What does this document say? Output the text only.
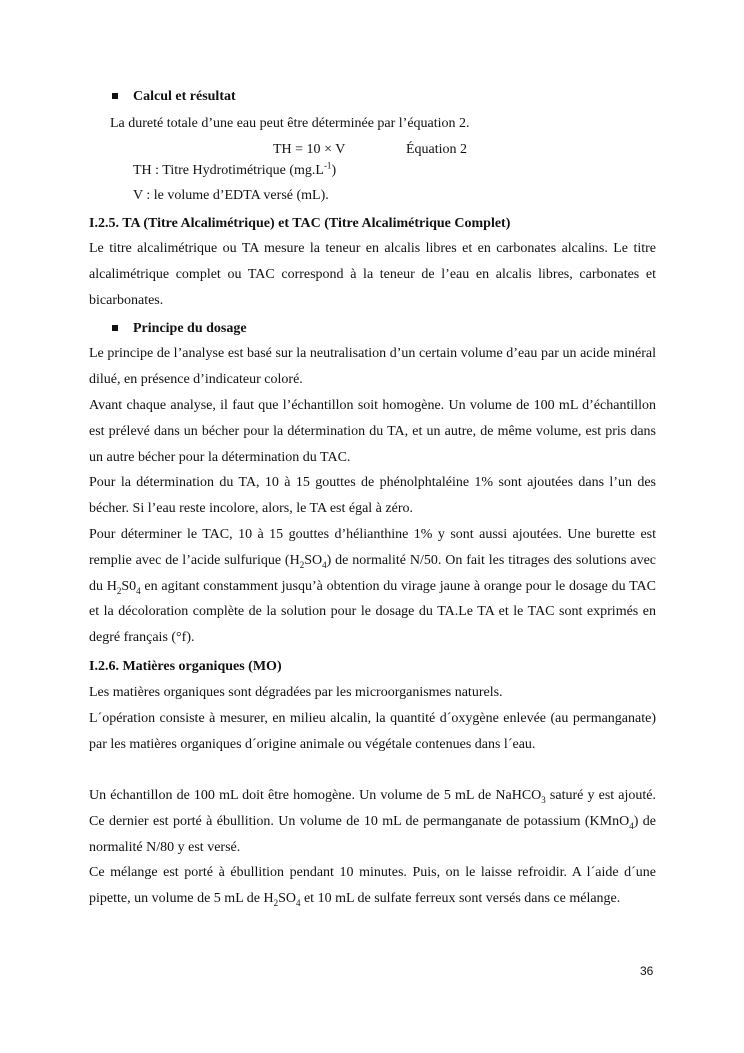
Calcul et résultat
La dureté totale d’une eau peut être déterminée par l’équation 2.
TH = 10 × V	Équation 2
TH : Titre Hydrotimétrique $(mg.L^{-1})$
V : le volume d’EDTA versé (mL).
I.2.5. TA (Titre Alcalimétrique) et TAC (Titre Alcalimétrique Complet)
Le titre alcalimétrique ou TA mesure la teneur en alcalis libres et en carbonates alcalins. Le titre alcalimétrique complet ou TAC correspond à la teneur de l’eau en alcalis libres, carbonates et bicarbonates.
Principe du dosage
Le principe de l’analyse est basé sur la neutralisation d’un certain volume d’eau par un acide minéral dilué, en présence d’indicateur coloré.
Avant chaque analyse, il faut que l’échantillon soit homogène. Un volume de 100 mL d’échantillon est prélevé dans un bécher pour la détermination du TA, et un autre, de même volume, est pris dans un autre bécher pour la détermination du TAC.
Pour la détermination du TA, 10 à 15 gouttes de phénolphtaléine 1% sont ajoutées dans l’un des bécher. Si l’eau reste incolore, alors, le TA est égal à zéro.
Pour déterminer le TAC, 10 à 15 gouttes d’hélianthine 1% y sont aussi ajoutées. Une burette est remplie avec de l’acide sulfurique $(H_2SO_4)$ de normalité N/50. On fait les titrages des solutions avec du $H_2S0_4$ en agitant constamment jusqu’à obtention du virage jaune à orange pour le dosage du TAC et la décoloration complète de la solution pour le dosage du TA.Le TA et le TAC sont exprimés en degré français (°f).
I.2.6. Matières organiques (MO)
Les matières organiques sont dégradées par les microorganismes naturels.
L´opération consiste à mesurer, en milieu alcalin, la quantité d´oxygène enlevée (au permanganate) par les matières organiques d´origine animale ou végétale contenues dans l´eau.
Un échantillon de 100 mL doit être homogène. Un volume de 5 mL de NaHCO$_3$ saturé y est ajouté. Ce dernier est porté à ébullition. Un volume de 10 mL de permanganate de potassium (KMnO$_4$) de normalité N/80 y est versé.
Ce mélange est porté à ébullition pendant 10 minutes. Puis, on le laisse refroidir. A l´aide d´une pipette, un volume de 5 mL de $H_2SO_4$ et 10 mL de sulfate ferreux sont versés dans ce mélange.
36
